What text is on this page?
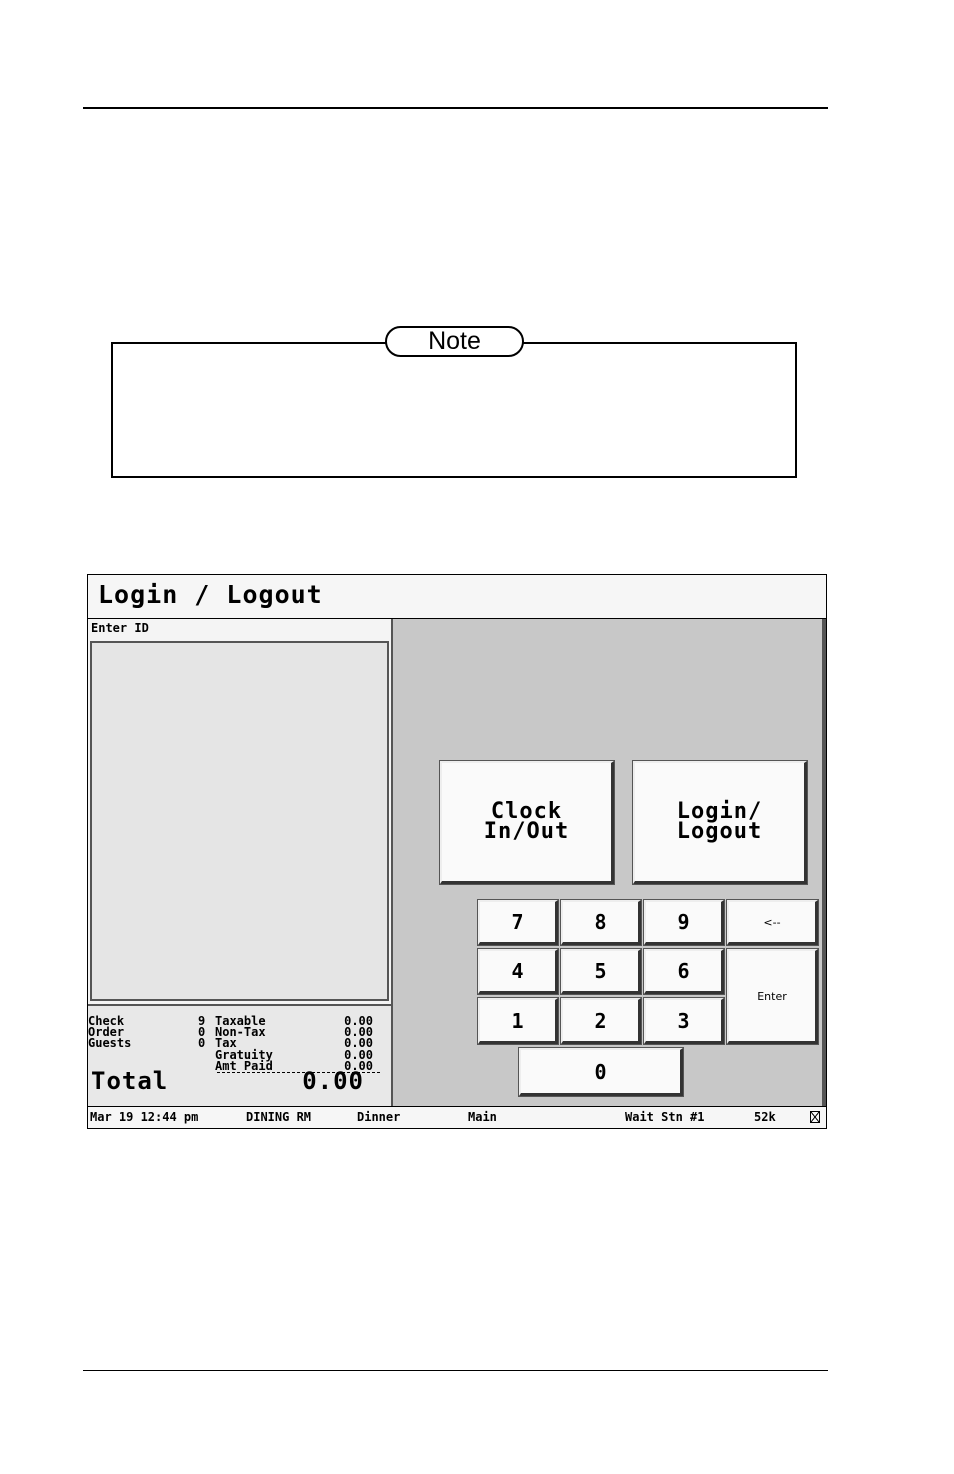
Note
Login / Logout
Enter ID
Check	9 Taxable	0.00
Order	0 Non-Tax	0.00
Guests	0 Tax	0.00
Gratuity	0.00
Amt Paid	0.00
Total	0.00
Clock
In/Out
Login/
Logout
7	8	9	<--
4	5	6
Enter
1	2	3
0
Mar 19 12:44 pm	DINING RM	Dinner	Main	Wait Stn #1	52k
